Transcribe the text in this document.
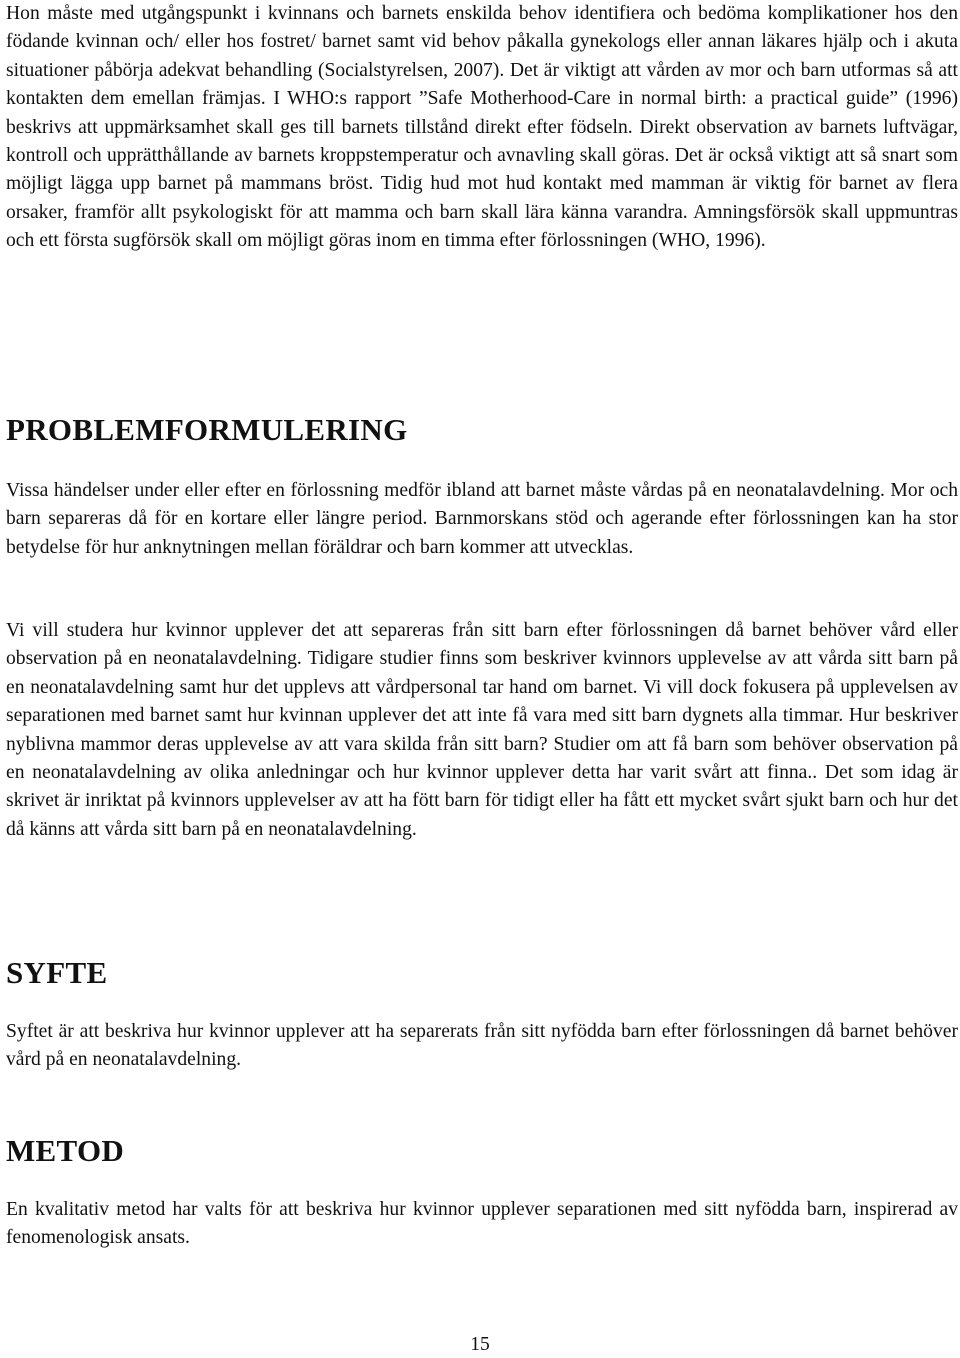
Hon måste med utgångspunkt i kvinnans och barnets enskilda behov identifiera och bedöma komplikationer hos den födande kvinnan och/ eller hos fostret/ barnet samt vid behov påkalla gynekologs eller annan läkares hjälp och i akuta situationer påbörja adekvat behandling (Socialstyrelsen, 2007). Det är viktigt att vården av mor och barn utformas så att kontakten dem emellan främjas. I WHO:s rapport ”Safe Motherhood-Care in normal birth: a practical guide” (1996) beskrivs att uppmärksamhet skall ges till barnets tillstånd direkt efter födseln. Direkt observation av barnets luftvägar, kontroll och upprätthållande av barnets kroppstemperatur och avnavling skall göras. Det är också viktigt att så snart som möjligt lägga upp barnet på mammans bröst. Tidig hud mot hud kontakt med mamman är viktig för barnet av flera orsaker, framför allt psykologiskt för att mamma och barn skall lära känna varandra. Amningsförsök skall uppmuntras och ett första sugförsök skall om möjligt göras inom en timma efter förlossningen (WHO, 1996).

PROBLEMFORMULERING

Vissa händelser under eller efter en förlossning medför ibland att barnet måste vårdas på en neonatalavdelning. Mor och barn separeras då för en kortare eller längre period. Barnmorskans stöd och agerande efter förlossningen kan ha stor betydelse för hur anknytningen mellan föräldrar och barn kommer att utvecklas.

Vi vill studera hur kvinnor upplever det att separeras från sitt barn efter förlossningen då barnet behöver vård eller observation på en neonatalavdelning. Tidigare studier finns som beskriver kvinnors upplevelse av att vårda sitt barn på en neonatalavdelning samt hur det upplevs att vårdpersonal tar hand om barnet. Vi vill dock fokusera på upplevelsen av separationen med barnet samt hur kvinnan upplever det att inte få vara med sitt barn dygnets alla timmar. Hur beskriver nyblivna mammor deras upplevelse av att vara skilda från sitt barn? Studier om att få barn som behöver observation på en neonatalavdelning av olika anledningar och hur kvinnor upplever detta har varit svårt att finna.. Det som idag är skrivet är inriktat på kvinnors upplevelser av att ha fött barn för tidigt eller ha fått ett mycket svårt sjukt barn och hur det då känns att vårda sitt barn på en neonatalavdelning.

SYFTE

Syftet är att beskriva hur kvinnor upplever att ha separerats från sitt nyfödda barn efter förlossningen då barnet behöver vård på en neonatalavdelning.

METOD

En kvalitativ metod har valts för att beskriva hur kvinnor upplever separationen med sitt nyfödda barn, inspirerad av fenomenologisk ansats.

15
